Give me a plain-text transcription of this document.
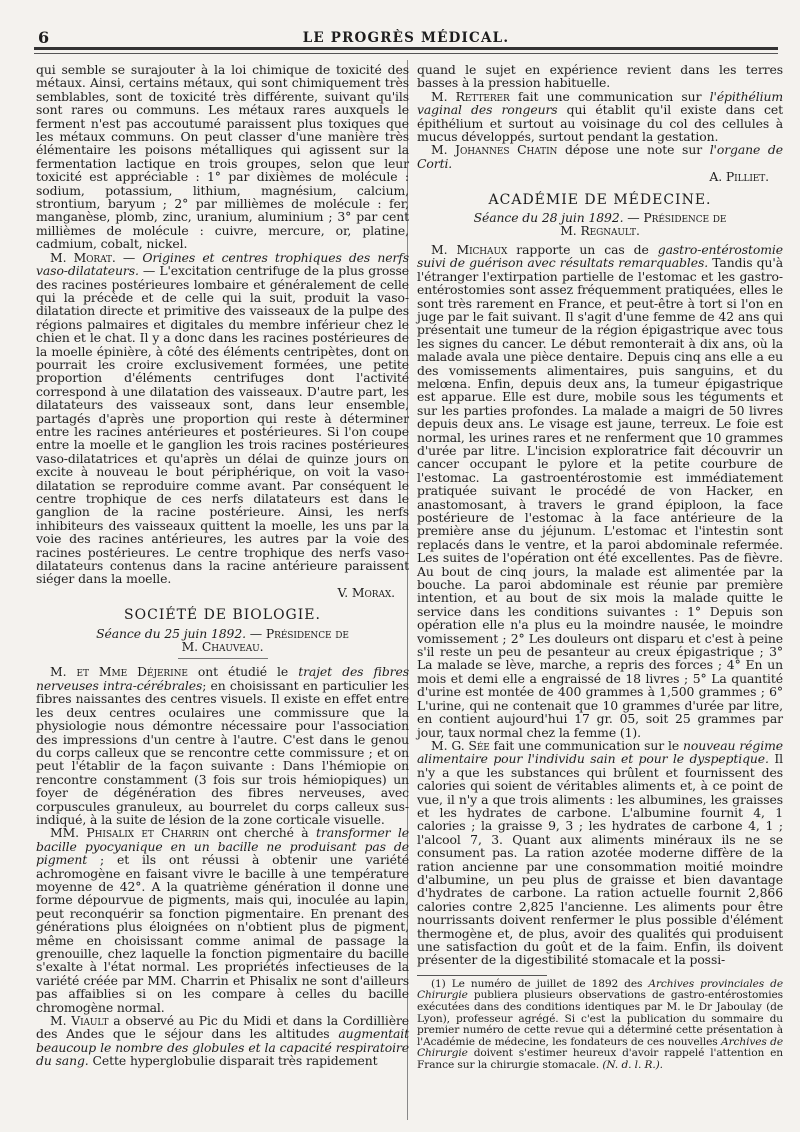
6	LE PROGRÈS MÉDICAL.

qui semble se surajouter à la loi chimique de toxicité des métaux. Ainsi, certains métaux, qui sont chimiquement très semblables, sont de toxicité très différente, suivant qu'ils sont rares ou communs. Les métaux rares auxquels le ferment n'est pas accoutumé paraissent plus toxiques que les métaux communs. On peut classer d'une manière très élémentaire les poisons métalliques qui agissent sur la fermentation lactique en trois groupes, selon que leur toxicité est appréciable : 1° par dixièmes de molécule : sodium, potassium, lithium, magnésium, calcium, strontium, baryum ; 2° par millièmes de molécule : fer, manganèse, plomb, zinc, uranium, aluminium ; 3° par cent millièmes de molécule : cuivre, mercure, or, platine, cadmium, cobalt, nickel.

M. Morat. — Origines et centres trophiques des nerfs vaso-dilatateurs. — L'excitation centrifuge de la plus grosse des racines postérieures lombaire et généralement de celle qui la précède et de celle qui la suit, produit la vaso-dilatation directe et primitive des vaisseaux de la pulpe des régions palmaires et digitales du membre inférieur chez le chien et le chat. Il y a donc dans les racines postérieures de la moelle épinière, à côté des éléments centripètes, dont on pourrait les croire exclusivement formées, une petite proportion d'éléments centrifuges dont l'activité correspond à une dilatation des vaisseaux. D'autre part, les dilatateurs des vaisseaux sont, dans leur ensemble, partagés d'après une proportion qui reste à déterminer entre les racines antérieures et postérieures. Si l'on coupe entre la moelle et le ganglion les trois racines postérieures vaso-dilatatrices et qu'après un délai de quinze jours on excite à nouveau le bout périphérique, on voit la vaso-dilatation se reproduire comme avant. Par conséquent le centre trophique de ces nerfs dilatateurs est dans le ganglion de la racine postérieure. Ainsi, les nerfs inhibiteurs des vaisseaux quittent la moelle, les uns par la voie des racines antérieures, les autres par la voie des racines postérieures. Le centre trophique des nerfs vaso-dilatateurs contenus dans la racine antérieure paraissent siéger dans la moelle.

V. Morax.

SOCIÉTÉ DE BIOLOGIE.

Séance du 25 juin 1892. — Présidence de

M. Chauveau.

M. et Mme Déjerine ont étudié le trajet des fibres nerveuses intra-cérébrales; en choisissant en particulier les fibres naissantes des centres visuels. Il existe en effet entre les deux centres oculaires une commissure que la physiologie nous démontre nécessaire pour l'association des impressions d'un centre à l'autre. C'est dans le genou du corps calleux que se rencontre cette commissure ; et on peut l'établir de la façon suivante : Dans l'hémiopie on rencontre constamment (3 fois sur trois hémiopiques) un foyer de dégénération des fibres nerveuses, avec corpuscules granuleux, au bourrelet du corps calleux sus-indiqué, à la suite de lésion de la zone corticale visuelle.

MM. Phisalix et Charrin ont cherché à transformer le bacille pyocyanique en un bacille ne produisant pas de pigment ; et ils ont réussi à obtenir une variété achromogène en faisant vivre le bacille à une température moyenne de 42°. A la quatrième génération il donne une forme dépourvue de pigments, mais qui, inoculée au lapin, peut reconquérir sa fonction pigmentaire. En prenant des générations plus éloignées on n'obtient plus de pigment, même en choisissant comme animal de passage la grenouille, chez laquelle la fonction pigmentaire du bacille s'exalte à l'état normal. Les propriétés infectieuses de la variété créée par MM. Charrin et Phisalix ne sont d'ailleurs pas affaiblies si on les compare à celles du bacille chromogène normal.

M. Viault a observé au Pic du Midi et dans la Cordillière des Andes que le séjour dans les altitudes augmentait beaucoup le nombre des globules et la capacité respiratoire du sang. Cette hyperglobulie disparait très rapidement

quand le sujet en expérience revient dans les terres basses à la pression habituelle.

M. Retterer fait une communication sur l'épithélium vaginal des rongeurs qui établit qu'il existe dans cet épithélium et surtout au voisinage du col des cellules à mucus développés, surtout pendant la gestation.

M. Johannes Chatin dépose une note sur l'organe de Corti.

A. Pilliet.

ACADÉMIE DE MÉDECINE.

Séance du 28 juin 1892. — Présidence de

M. Regnault.

M. Michaux rapporte un cas de gastro-entérostomie suivi de guérison avec résultats remarquables. Tandis qu'à l'étranger l'extirpation partielle de l'estomac et les gastro-entérostomies sont assez fréquemment pratiquées, elles le sont très rarement en France, et peut-être à tort si l'on en juge par le fait suivant. Il s'agit d'une femme de 42 ans qui présentait une tumeur de la région épigastrique avec tous les signes du cancer. Le début remonterait à dix ans, où la malade avala une pièce dentaire. Depuis cinq ans elle a eu des vomissements alimentaires, puis sanguins, et du melœna. Enfin, depuis deux ans, la tumeur épigastrique est apparue. Elle est dure, mobile sous les téguments et sur les parties profondes. La malade a maigri de 50 livres depuis deux ans. Le visage est jaune, terreux. Le foie est normal, les urines rares et ne renferment que 10 grammes d'urée par litre. L'incision exploratrice fait découvrir un cancer occupant le pylore et la petite courbure de l'estomac. La gastroentérostomie est immédiatement pratiquée suivant le procédé de von Hacker, en anastomosant, à travers le grand épiploon, la face postérieure de l'estomac à la face antérieure de la première anse du jéjunum. L'estomac et l'intestin sont replacés dans le ventre, et la paroi abdominale refermée. Les suites de l'opération ont été excellentes. Pas de fièvre. Au bout de cinq jours, la malade est alimentée par la bouche. La paroi abdominale est réunie par première intention, et au bout de six mois la malade quitte le service dans les conditions suivantes : 1° Depuis son opération elle n'a plus eu la moindre nausée, le moindre vomissement ; 2° Les douleurs ont disparu et c'est à peine s'il reste un peu de pesanteur au creux épigastrique ; 3° La malade se lève, marche, a repris des forces ; 4° En un mois et demi elle a engraissé de 18 livres ; 5° La quantité d'urine est montée de 400 grammes à 1,500 grammes ; 6° L'urine, qui ne contenait que 10 grammes d'urée par litre, en contient aujourd'hui 17 gr. 05, soit 25 grammes par jour, taux normal chez la femme (1).

M. G. Sée fait une communication sur le nouveau régime alimentaire pour l'individu sain et pour le dyspeptique. Il n'y a que les substances qui brûlent et fournissent des calories qui soient de véritables aliments et, à ce point de vue, il n'y a que trois aliments : les albumines, les graisses et les hydrates de carbone. L'albumine fournit 4, 1 calories ; la graisse 9, 3 ; les hydrates de carbone 4, 1 ; l'alcool 7, 3. Quant aux aliments minéraux ils ne se consument pas. La ration azotée moderne diffère de la ration ancienne par une consommation moitié moindre d'albumine, un peu plus de graisse et bien davantage d'hydrates de carbone. La ration actuelle fournit 2,866 calories contre 2,825 l'ancienne. Les aliments pour être nourrissants doivent renfermer le plus possible d'élément thermogène et, de plus, avoir des qualités qui produisent une satisfaction du goût et de la faim. Enfin, ils doivent présenter de la digestibilité stomacale et la possi-

(1) Le numéro de juillet de 1892 des Archives provinciales de Chirurgie publiera plusieurs observations de gastro-entérostomies exécutées dans des conditions identiques par M. le Dr Jaboulay (de Lyon), professeur agrégé. Si c'est la publication du sommaire du premier numéro de cette revue qui a déterminé cette présentation à l'Académie de médecine, les fondateurs de ces nouvelles Archives de Chirurgie doivent s'estimer heureux d'avoir rappelé l'attention en France sur la chirurgie stomacale. (N. d. l. R.).
